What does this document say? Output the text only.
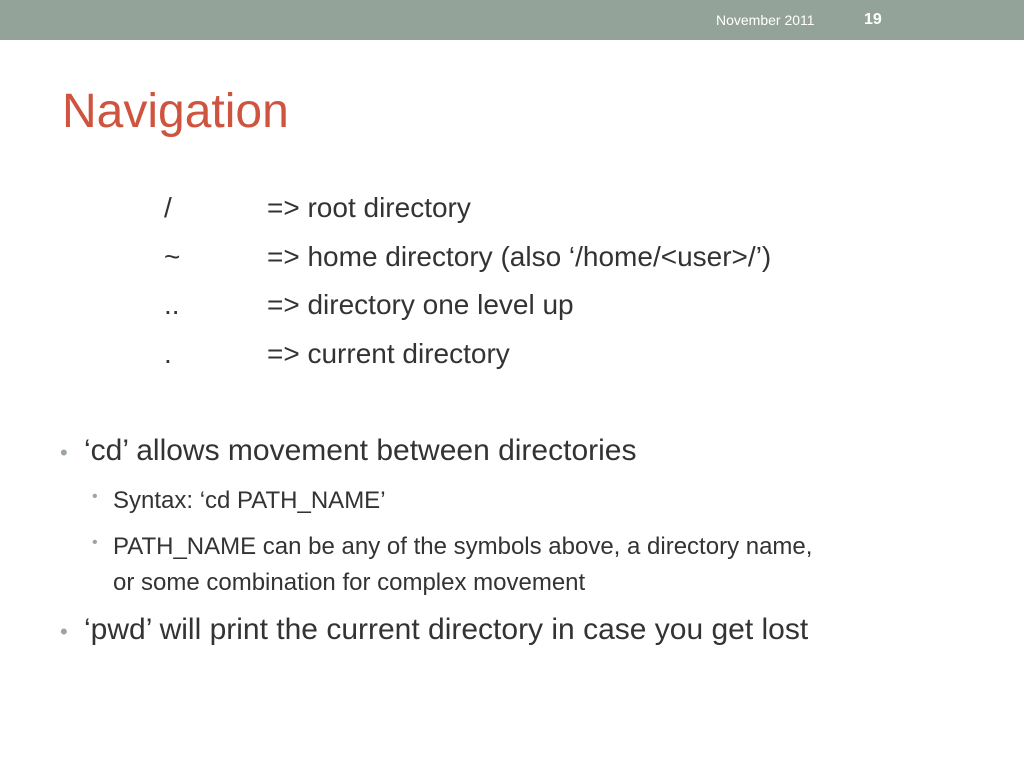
November 2011	19
Navigation
/	=> root directory
~	=> home directory (also ‘/home/<user>/’)
..	=> directory one level up
.	=> current directory
• ‘cd’ allows movement between directories
• Syntax: ‘cd PATH_NAME’
• PATH_NAME can be any of the symbols above, a directory name,
or some combination for complex movement
• ‘pwd’ will print the current directory in case you get lost
